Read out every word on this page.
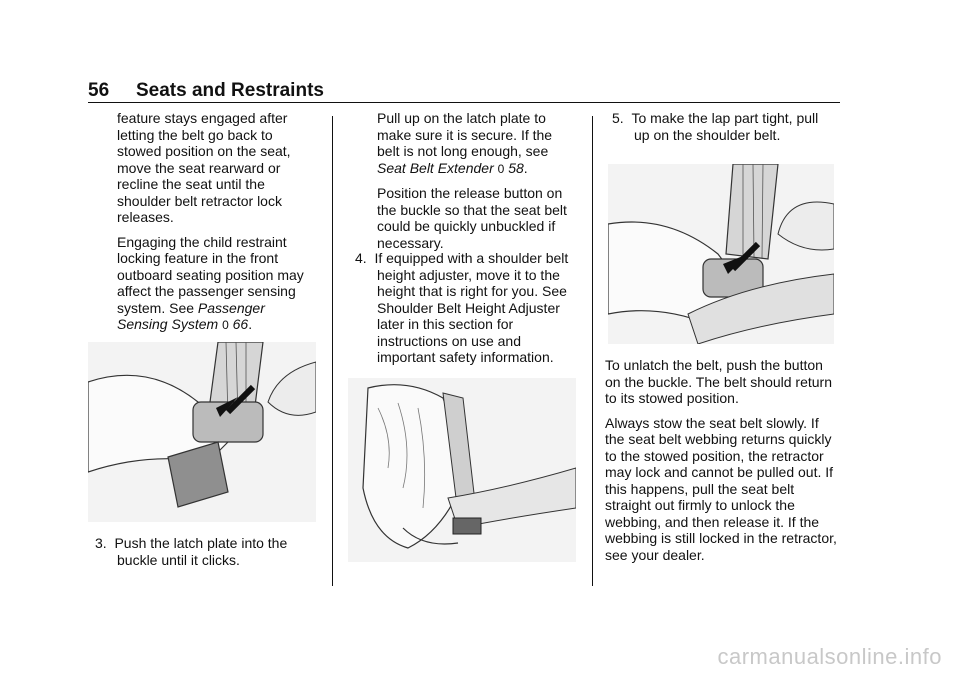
56 Seats and Restraints

feature stays engaged after letting the belt go back to stowed position on the seat, move the seat rearward or recline the seat until the shoulder belt retractor lock releases.

Engaging the child restraint locking feature in the front outboard seating position may affect the passenger sensing system. See Passenger Sensing System 0 66.

3. Push the latch plate into the buckle until it clicks.

Pull up on the latch plate to make sure it is secure. If the belt is not long enough, see Seat Belt Extender 0 58.

Position the release button on the buckle so that the seat belt could be quickly unbuckled if necessary.

4. If equipped with a shoulder belt height adjuster, move it to the height that is right for you. See Shoulder Belt Height Adjuster later in this section for instructions on use and important safety information.

5. To make the lap part tight, pull up on the shoulder belt.

To unlatch the belt, push the button on the buckle. The belt should return to its stowed position.

Always stow the seat belt slowly. If the seat belt webbing returns quickly to the stowed position, the retractor may lock and cannot be pulled out. If this happens, pull the seat belt straight out firmly to unlock the webbing, and then release it. If the webbing is still locked in the retractor, see your dealer.

carmanualsonline.info
